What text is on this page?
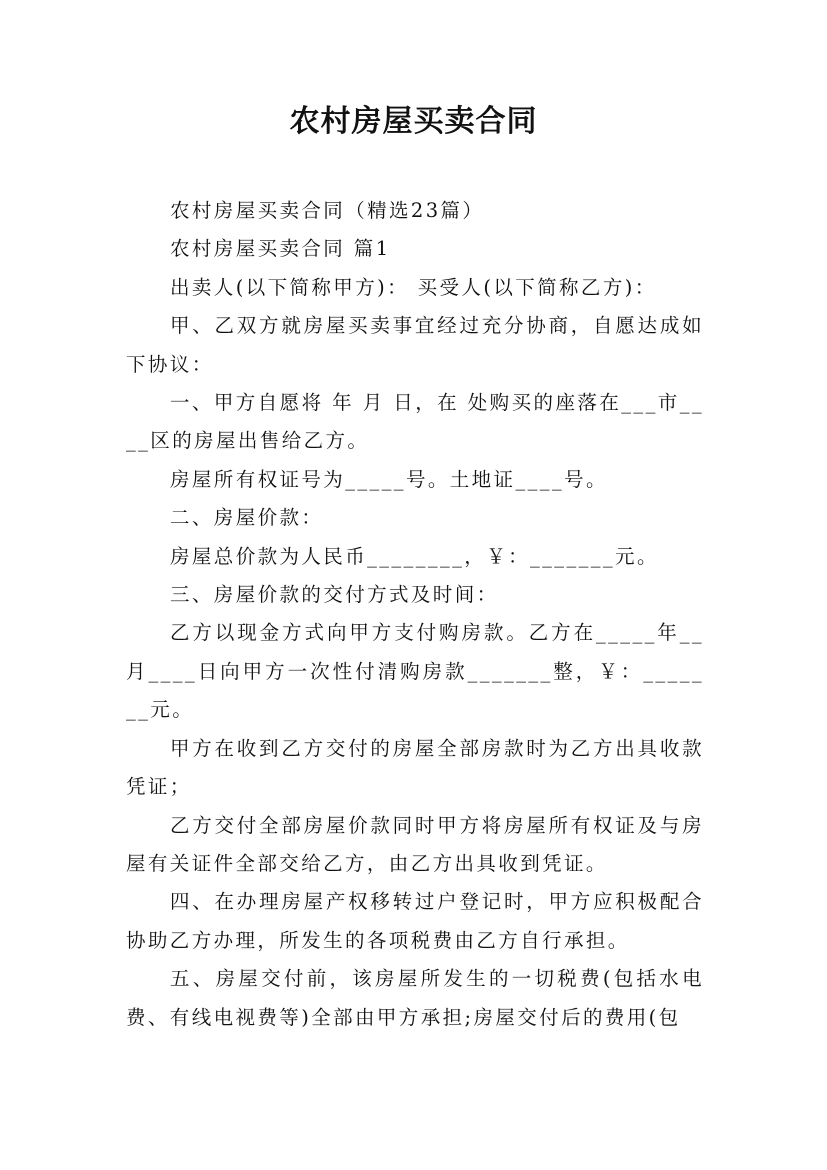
农村房屋买卖合同

农村房屋买卖合同（精选23篇）

农村房屋买卖合同 篇1

出卖人(以下简称甲方)： 买受人(以下简称乙方)：

甲、乙双方就房屋买卖事宜经过充分协商，自愿达成如下协议：

一、甲方自愿将 年 月 日，在 处购买的座落在___市____区的房屋出售给乙方。

房屋所有权证号为_____号。土地证____号。

二、房屋价款：

房屋总价款为人民币________，￥：_______元。

三、房屋价款的交付方式及时间：

乙方以现金方式向甲方支付购房款。乙方在_____年__月____日向甲方一次性付清购房款_______整，￥：_______元。

甲方在收到乙方交付的房屋全部房款时为乙方出具收款凭证；

乙方交付全部房屋价款同时甲方将房屋所有权证及与房屋有关证件全部交给乙方，由乙方出具收到凭证。

四、在办理房屋产权移转过户登记时，甲方应积极配合协助乙方办理，所发生的各项税费由乙方自行承担。

五、房屋交付前，该房屋所发生的一切税费(包括水电费、有线电视费等)全部由甲方承担;房屋交付后的费用(包
